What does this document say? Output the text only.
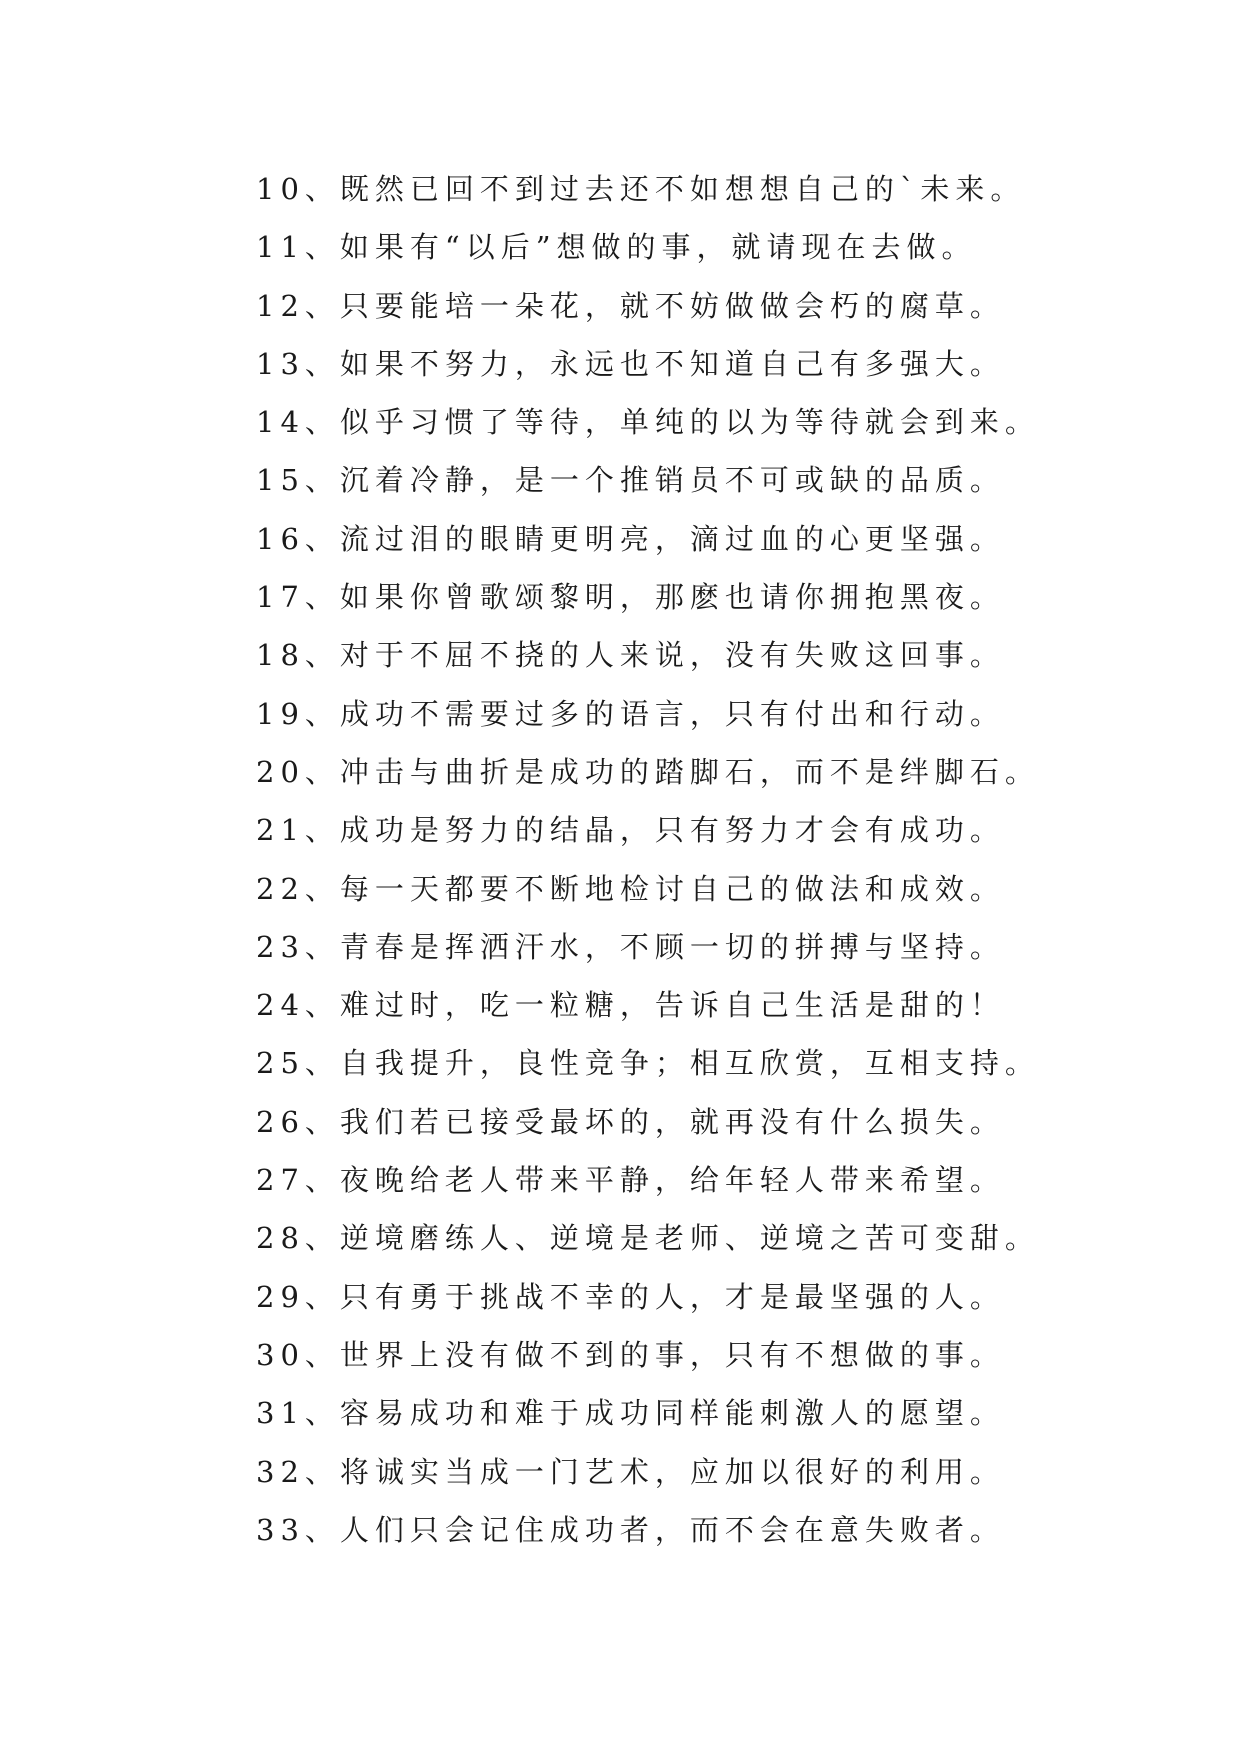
10、既然已回不到过去还不如想想自己的`未来。
11、如果有“以后”想做的事，就请现在去做。
12、只要能培一朵花，就不妨做做会朽的腐草。
13、如果不努力，永远也不知道自己有多强大。
14、似乎习惯了等待，单纯的以为等待就会到来。
15、沉着冷静，是一个推销员不可或缺的品质。
16、流过泪的眼睛更明亮，滴过血的心更坚强。
17、如果你曾歌颂黎明，那麽也请你拥抱黑夜。
18、对于不屈不挠的人来说，没有失败这回事。
19、成功不需要过多的语言，只有付出和行动。
20、冲击与曲折是成功的踏脚石，而不是绊脚石。
21、成功是努力的结晶，只有努力才会有成功。
22、每一天都要不断地检讨自己的做法和成效。
23、青春是挥洒汗水，不顾一切的拼搏与坚持。
24、难过时，吃一粒糖，告诉自己生活是甜的！
25、自我提升，良性竞争；相互欣赏，互相支持。
26、我们若已接受最坏的，就再没有什么损失。
27、夜晚给老人带来平静，给年轻人带来希望。
28、逆境磨练人、逆境是老师、逆境之苦可变甜。
29、只有勇于挑战不幸的人，才是最坚强的人。
30、世界上没有做不到的事，只有不想做的事。
31、容易成功和难于成功同样能刺激人的愿望。
32、将诚实当成一门艺术，应加以很好的利用。
33、人们只会记住成功者，而不会在意失败者。
